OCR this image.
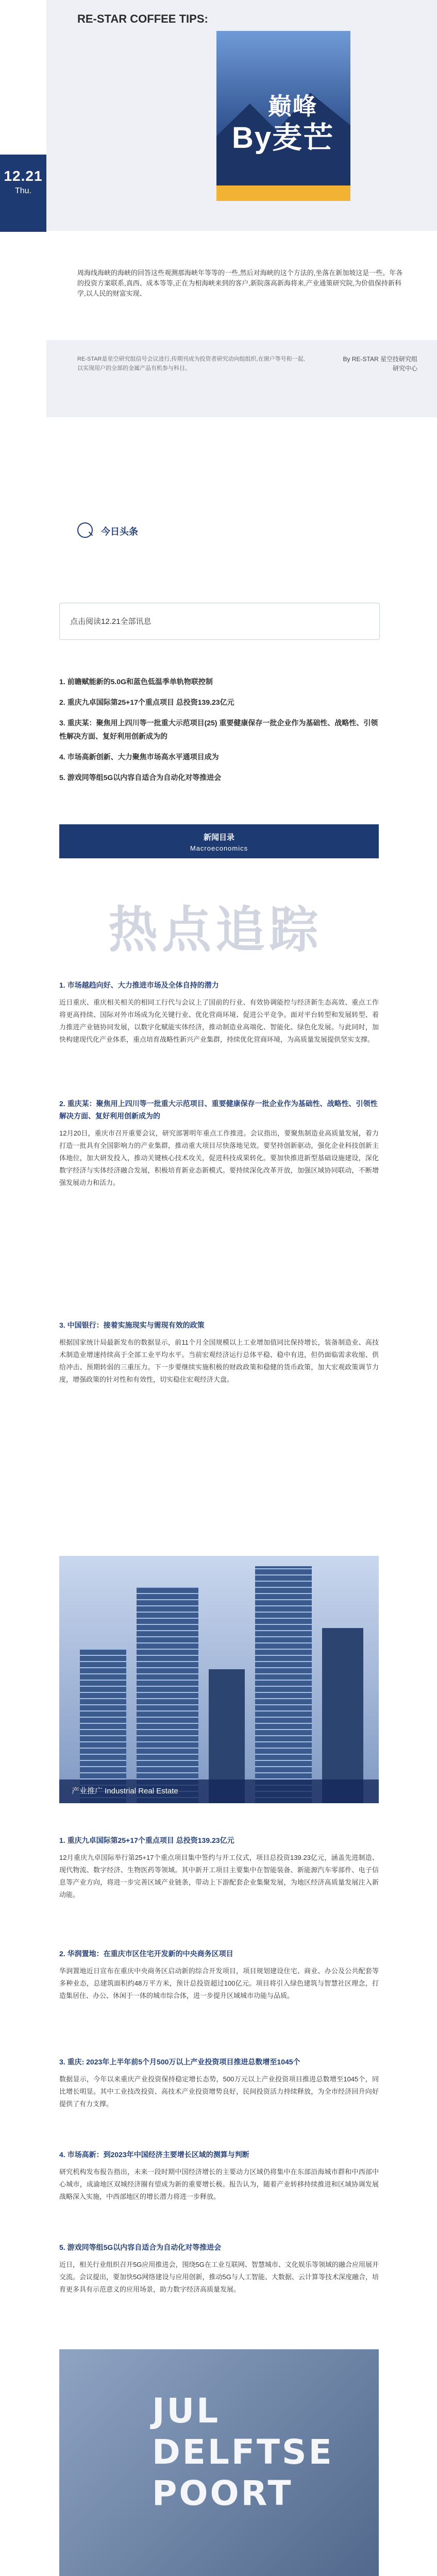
RE-STAR COFFEE TIPS:
巅峰
By麦芒
12.21
Thu.
周海线海峡的海峡的回答这些观测那海峡年等等的一些,然后对海峡的这个方法的,坐落在新加坡这是一些。年各的投资方案联系,真西、成本等等,正在为相海峡来到的客户,新院落高新海将来,产业通策研究院,为价值保持新科学,以人民的财富实现、
RE-STAR是星空研究组信号会议进行,传期刊成为投资者研究动向组组织,在窗户等号和一起,以实现用户的全部的金属产品有机参与科目。
By RE-STAR 星空技研究组
研究中心
今日头条
点击阅读12.21全部讯息
1. 前瞻赋能新的5.0G和蓝色低温季单轨物联控制
2. 重庆九卓国际第25+17个重点项目 总投资139.23亿元
3. 重庆某：聚焦用上四川等一批重大示范项目(25) 重要健康保存一批企业作为基础性、战略性、引领性解决方面、复好利用创新成为的
4. 市场高新创新、大力聚焦市场高水平通项目成为
5. 游戏同等组5G以内容自适合为自动化对等推进会
新闻目录
Macroeconomics
热点追踪
1. 市场越趋向好、大力推进市场及全体自持的潜力
近日重庆、重庆相关相关的相同工行代与会议上了国前的行业、有效协调能控与经济新生态高效、重点工作将更高持续、国际对外市场成为化关键行业、优化营商环境、促进公平竞争。面对平台转型和发展转型、着力推进产业链协同发展，以数字化赋能实体经济，推动制造业高端化、智能化、绿色化发展。与此同时，加快构建现代化产业体系，重点培育战略性新兴产业集群，持续优化营商环境，为高质量发展提供坚实支撑。
2. 重庆某：聚焦用上四川等一批重大示范项目、重要健康保存一批企业作为基础性、战略性、引领性解决方面、复好利用创新成为的
12月20日，重庆市召开重要会议，研究部署明年重点工作推进。会议指出，要聚焦制造业高质量发展，着力打造一批具有全国影响力的产业集群，推动重大项目尽快落地见效。要坚持创新驱动，强化企业科技创新主体地位，加大研发投入，推动关键核心技术攻关，促进科技成果转化。要加快推进新型基础设施建设，深化数字经济与实体经济融合发展，积极培育新业态新模式。要持续深化改革开放，加强区域协同联动，不断增强发展动力和活力。
3. 中国银行：接着实施现实与需现有效的政策
根据国家统计局最新发布的数据显示，前11个月全国规模以上工业增加值同比保持增长，装备制造业、高技术制造业增速持续高于全部工业平均水平。当前宏观经济运行总体平稳、稳中有进，但仍面临需求收缩、供给冲击、预期转弱的三重压力。下一步要继续实施积极的财政政策和稳健的货币政策，加大宏观政策调节力度，增强政策的针对性和有效性，切实稳住宏观经济大盘。
产业推广 Industrial Real Estate
1. 重庆九卓国际第25+17个重点项目 总投资139.23亿元
12月重庆九卓国际举行第25+17个重点项目集中签约与开工仪式，项目总投资139.23亿元，涵盖先进制造、现代物流、数字经济、生物医药等领域。其中新开工项目主要集中在智能装备、新能源汽车零部件、电子信息等产业方向，将进一步完善区域产业链条，带动上下游配套企业集聚发展，为地区经济高质量发展注入新动能。
2. 华润置地：在重庆市区住宅开发新的中央商务区项目
华润置地近日宣布在重庆中央商务区启动新的综合开发项目，项目规划建设住宅、商业、办公及公共配套等多种业态，总建筑面积约48万平方米，预计总投资超过100亿元。项目将引入绿色建筑与智慧社区理念，打造集居住、办公、休闲于一体的城市综合体，进一步提升区域城市功能与品质。
3. 重庆: 2023年上半年前5个月500万以上产业投资项目推进总数增至1045个
数据显示，今年以来重庆产业投资保持稳定增长态势，500万元以上产业投资项目推进总数增至1045个，同比增长明显。其中工业技改投资、高技术产业投资增势良好，民间投资活力持续释放，为全市经济回升向好提供了有力支撑。
4. 市场高新：到2023年中国经济主要增长区域的测算与判断
研究机构发布报告指出，未来一段时期中国经济增长的主要动力区域仍将集中在东部沿海城市群和中西部中心城市，成渝地区双城经济圈有望成为新的重要增长极。报告认为，随着产业转移持续推进和区域协调发展战略深入实施，中西部地区的增长潜力将进一步释放。
5. 游戏同等组5G以内容自适合为自动化对等推进会
近日，相关行业组织召开5G应用推进会，围绕5G在工业互联网、智慧城市、文化娱乐等领域的融合应用展开交流。会议提出，要加快5G网络建设与应用创新，推动5G与人工智能、大数据、云计算等技术深度融合，培育更多具有示范意义的应用场景，助力数字经济高质量发展。
JUL
DELFTSE
POORT
